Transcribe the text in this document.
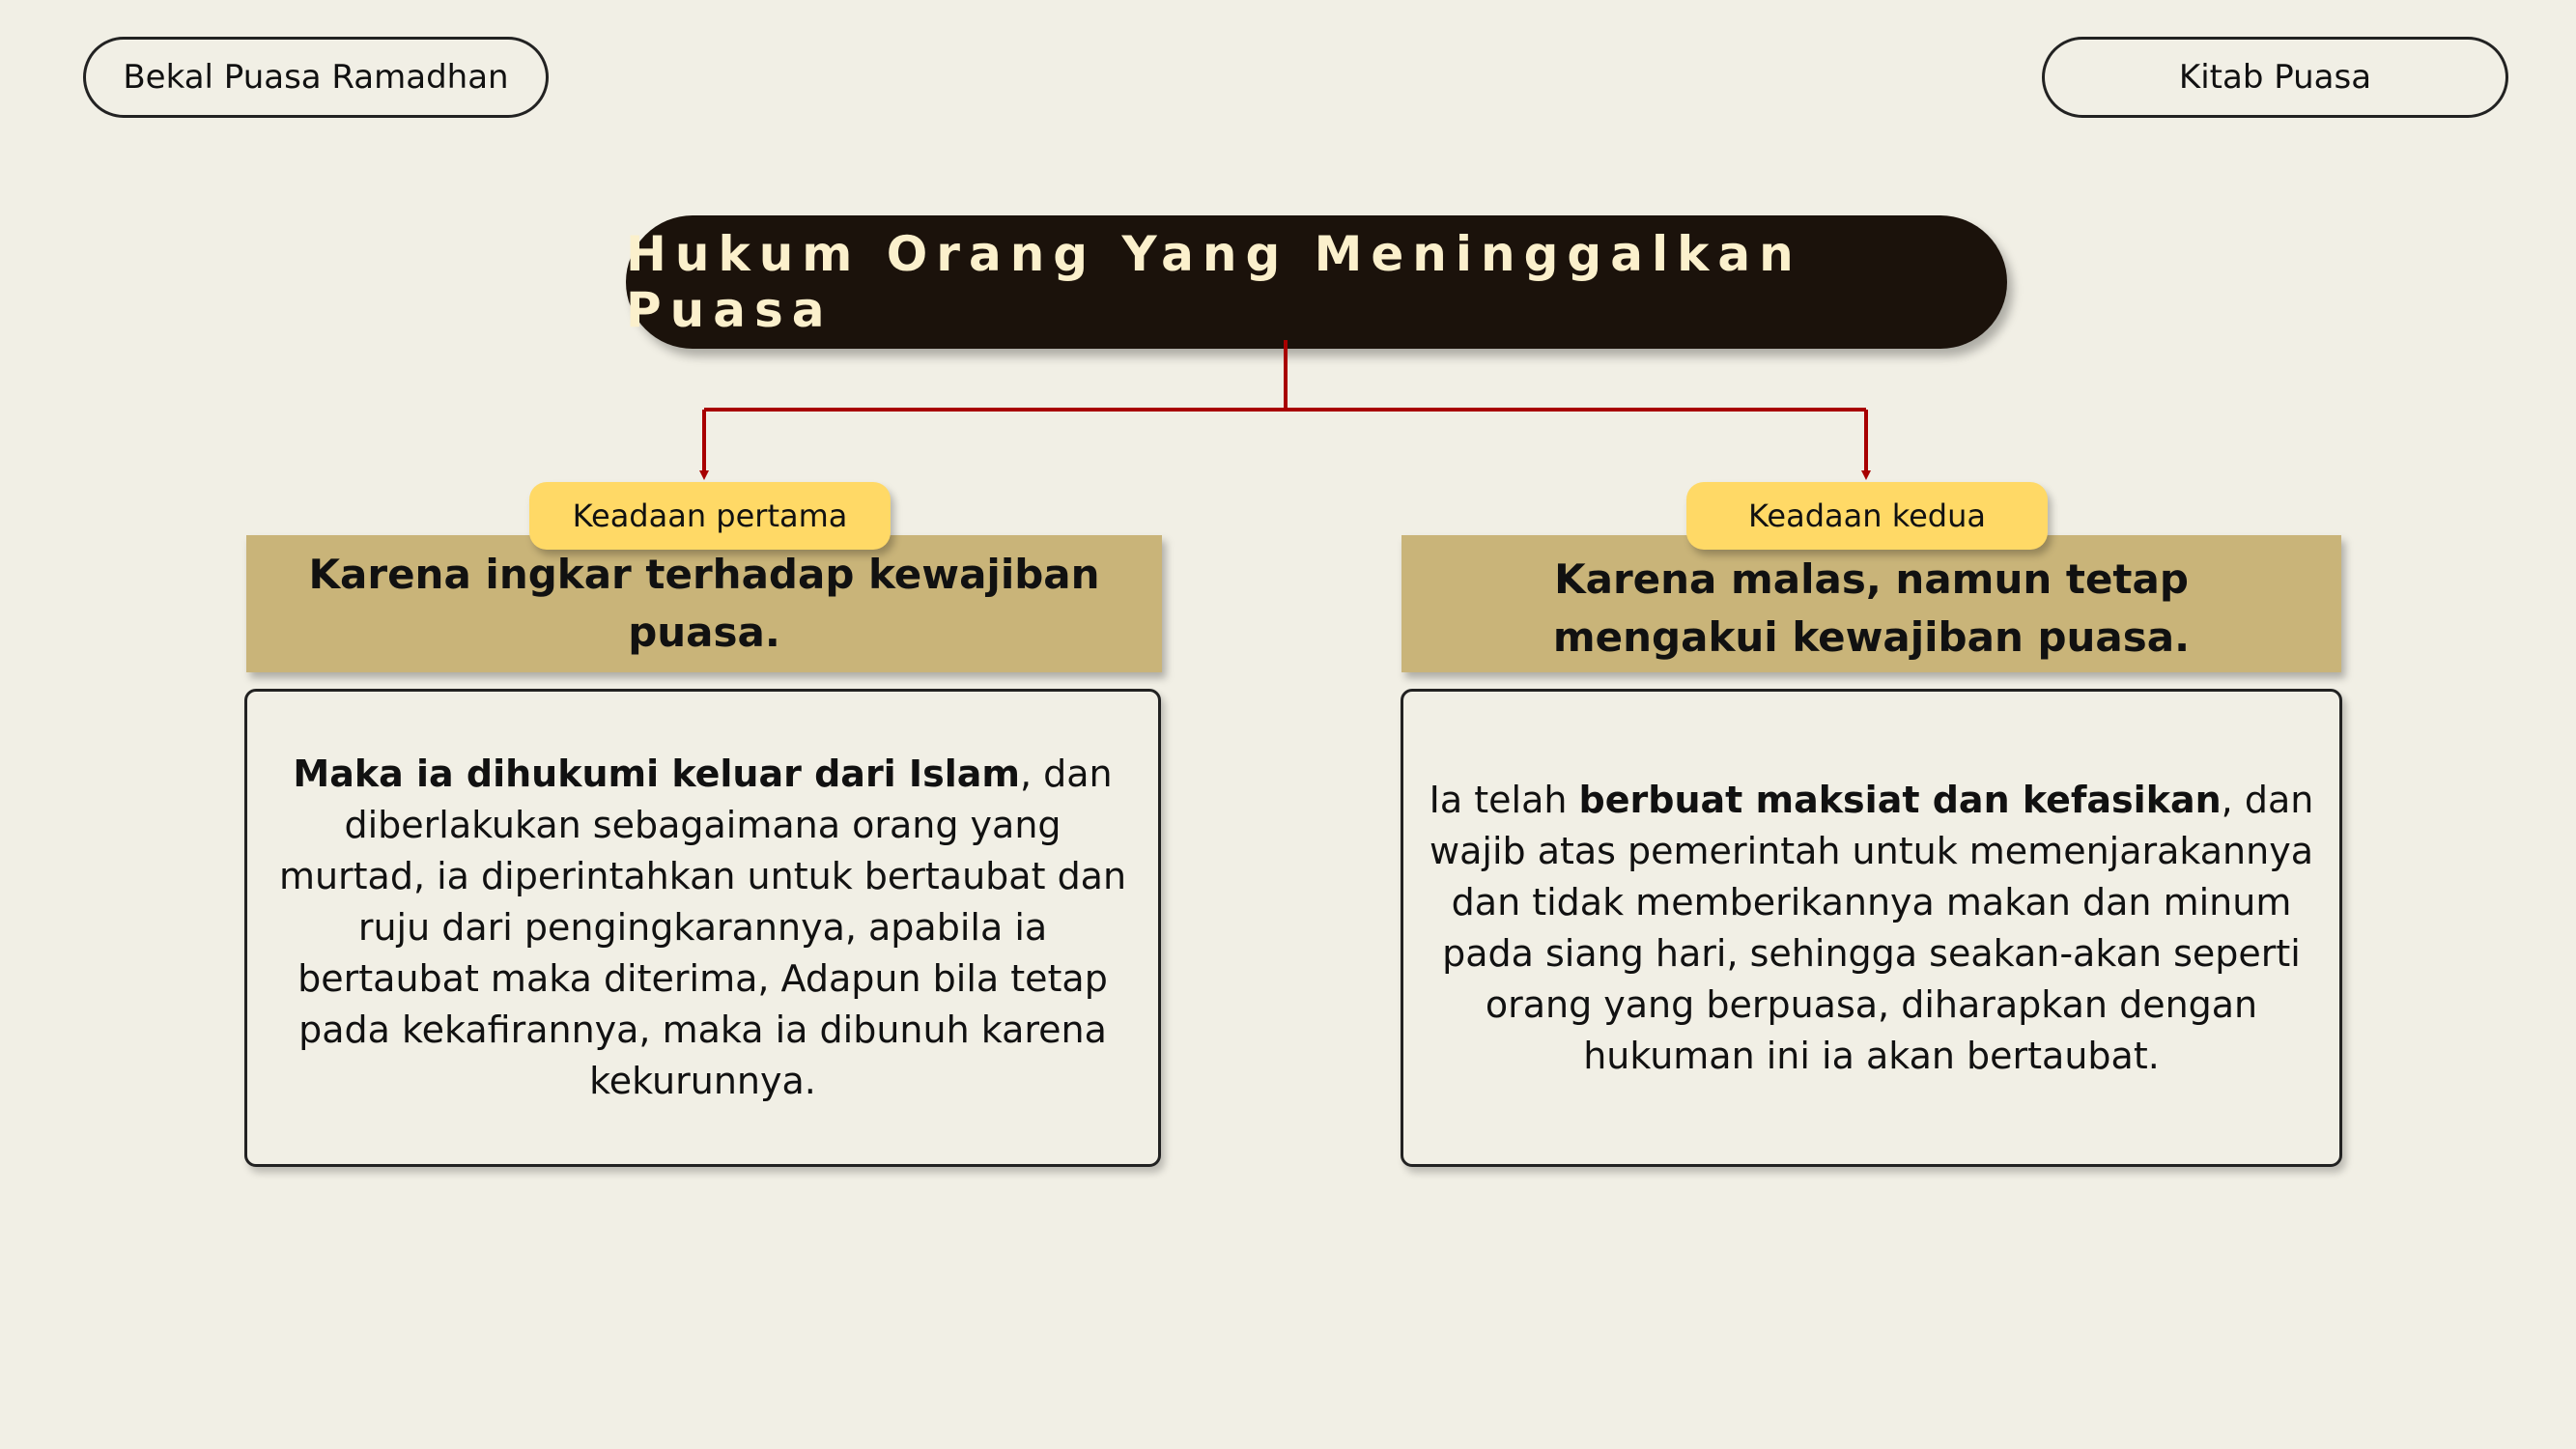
Bekal Puasa Ramadhan	Kitab Puasa
Hukum Orang Yang Meninggalkan Puasa
Keadaan pertama
Karena ingkar terhadap kewajiban puasa.
Maka ia dihukumi keluar dari Islam, dan diberlakukan sebagaimana orang yang murtad, ia diperintahkan untuk bertaubat dan ruju dari pengingkarannya, apabila ia bertaubat maka diterima, Adapun bila tetap pada kekafirannya, maka ia dibunuh karena kekurunnya.
Keadaan kedua
Karena malas, namun tetap mengakui kewajiban puasa.
Ia telah berbuat maksiat dan kefasikan, dan wajib atas pemerintah untuk memenjarakannya dan tidak memberikannya makan dan minum pada siang hari, sehingga seakan-akan seperti orang yang berpuasa, diharapkan dengan hukuman ini ia akan bertaubat.
